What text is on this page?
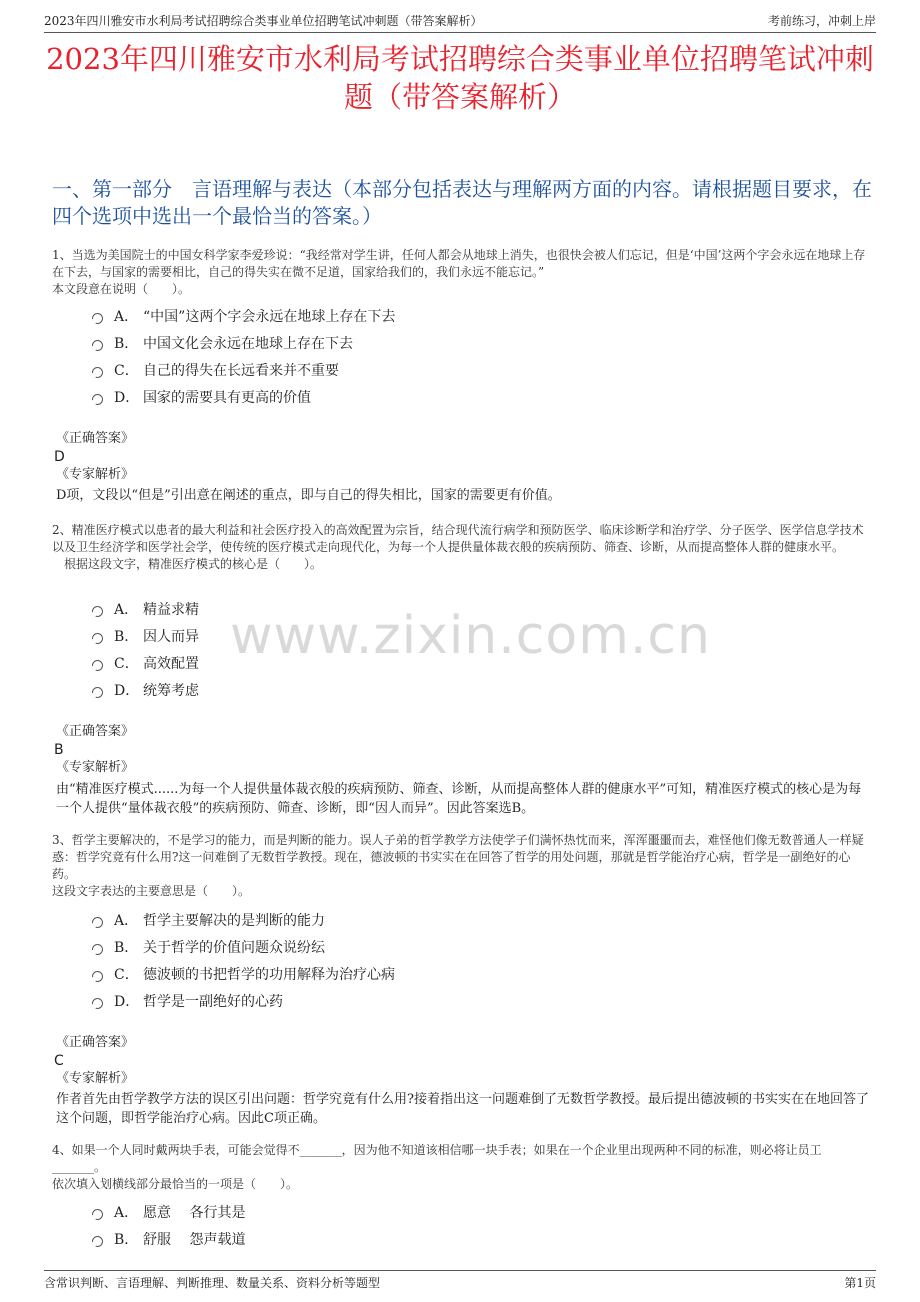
2023年四川雅安市水利局考试招聘综合类事业单位招聘笔试冲刺题（带答案解析）	考前练习，冲刺上岸
2023年四川雅安市水利局考试招聘综合类事业单位招聘笔试冲刺题（带答案解析）
一、第一部分　言语理解与表达（本部分包括表达与理解两方面的内容。请根据题目要求，在四个选项中选出一个最恰当的答案。）

1、当选为美国院士的中国女科学家李爱珍说：“我经常对学生讲，任何人都会从地球上消失，也很快会被人们忘记，但是‘中国’这两个字会永远在地球上存在下去，与国家的需要相比，自己的得失实在微不足道，国家给我们的，我们永远不能忘记。”

本文段意在说明（　　）。

A． “中国”这两个字会永远在地球上存在下去
B． 中国文化会永远在地球上存在下去
C． 自己的得失在长远看来并不重要
D． 国家的需要具有更高的价值
《正确答案》
D
《专家解析》
D项，文段以“但是”引出意在阐述的重点，即与自己的得失相比，国家的需要更有价值。

2、精准医疗模式以患者的最大利益和社会医疗投入的高效配置为宗旨，结合现代流行病学和预防医学、临床诊断学和治疗学、分子医学、医学信息学技术以及卫生经济学和医学社会学，使传统的医疗模式走向现代化，为每一个人提供量体裁衣般的疾病预防、筛查、诊断，从而提高整体人群的健康水平。

根据这段文字，精准医疗模式的核心是（　　）。

A． 精益求精
B． 因人而异
C． 高效配置
D． 统筹考虑
《正确答案》
B
《专家解析》
由“精准医疗模式......为每一个人提供量体裁衣般的疾病预防、筛查、诊断，从而提高整体人群的健康水平”可知，精准医疗模式的核心是为每一个人提供“量体裁衣般”的疾病预防、筛查、诊断，即“因人而异”。因此答案选B。

3、哲学主要解决的，不是学习的能力，而是判断的能力。误人子弟的哲学教学方法使学子们满怀热忱而来，浑浑噩噩而去，难怪他们像无数普通人一样疑惑：哲学究竟有什么用?这一问难倒了无数哲学教授。现在，德波顿的书实实在在回答了哲学的用处问题，那就是哲学能治疗心病，哲学是一副绝好的心药。

这段文字表达的主要意思是（　　）。

A． 哲学主要解决的是判断的能力
B． 关于哲学的价值问题众说纷纭
C． 德波顿的书把哲学的功用解释为治疗心病
D． 哲学是一副绝好的心药
《正确答案》
C
《专家解析》
作者首先由哲学教学方法的误区引出问题：哲学究竟有什么用?接着指出这一问题难倒了无数哲学教授。最后提出德波顿的书实实在在地回答了这个问题，即哲学能治疗心病。因此C项正确。

4、如果一个人同时戴两块手表，可能会觉得不_______，因为他不知道该相信哪一块手表；如果在一个企业里出现两种不同的标准，则必将让员工_______。

依次填入划横线部分最恰当的一项是（　　）。

A． 愿意　 各行其是
B． 舒服　 怨声载道
www.zixin.com.cn
含常识判断、言语理解、判断推理、数量关系、资料分析等题型	第1页
